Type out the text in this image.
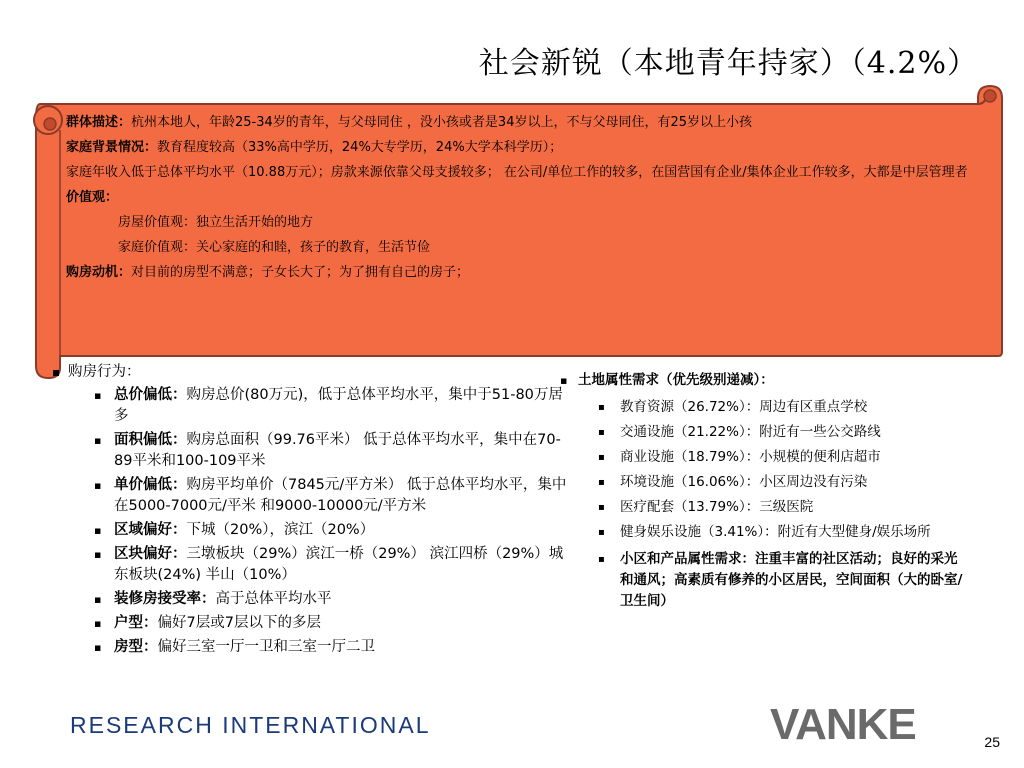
社会新锐（本地青年持家）（4.2%）

群体描述：杭州本地人，年龄25-34岁的青年，与父母同住 ，没小孩或者是34岁以上，不与父母同住，有25岁以上小孩

家庭背景情况：教育程度较高（33%高中学历，24%大专学历，24%大学本科学历）；

家庭年收入低于总体平均水平（10.88万元）；房款来源依靠父母支援较多； 在公司/单位工作的较多，在国营国有企业/集体企业工作较多，大都是中层管理者

价值观：

房屋价值观：独立生活开始的地方

家庭价值观：关心家庭的和睦，孩子的教育，生活节俭

购房动机：对目前的房型不满意；子女长大了；为了拥有自己的房子；

▪ 购房行为：
▪ 总价偏低：购房总价(80万元)，低于总体平均水平，集中于51-80万居多
▪ 面积偏低：购房总面积（99.76平米） 低于总体平均水平，集中在70-89平米和100-109平米
▪ 单价偏低：购房平均单价（7845元/平方米） 低于总体平均水平，集中在5000-7000元/平米 和9000-10000元/平方米
▪ 区域偏好：下城（20%），滨江（20%）
▪ 区块偏好：三墩板块（29%）滨江一桥（29%） 滨江四桥（29%）城东板块(24%) 半山（10%）
▪ 装修房接受率：高于总体平均水平
▪ 户型：偏好7层或7层以下的多层
▪ 房型：偏好三室一厅一卫和三室一厅二卫
▪ 土地属性需求（优先级别递减）：
▪ 教育资源（26.72%）：周边有区重点学校
▪ 交通设施（21.22%）：附近有一些公交路线
▪ 商业设施（18.79%）：小规模的便利店超市
▪ 环境设施（16.06%）：小区周边没有污染
▪ 医疗配套（13.79%）：三级医院
▪ 健身娱乐设施（3.41%）：附近有大型健身/娱乐场所
▪ 小区和产品属性需求：注重丰富的社区活动；良好的采光和通风；高素质有修养的小区居民，空间面积（大的卧室/卫生间）
RESEARCH INTERNATIONAL	VANKE	25
